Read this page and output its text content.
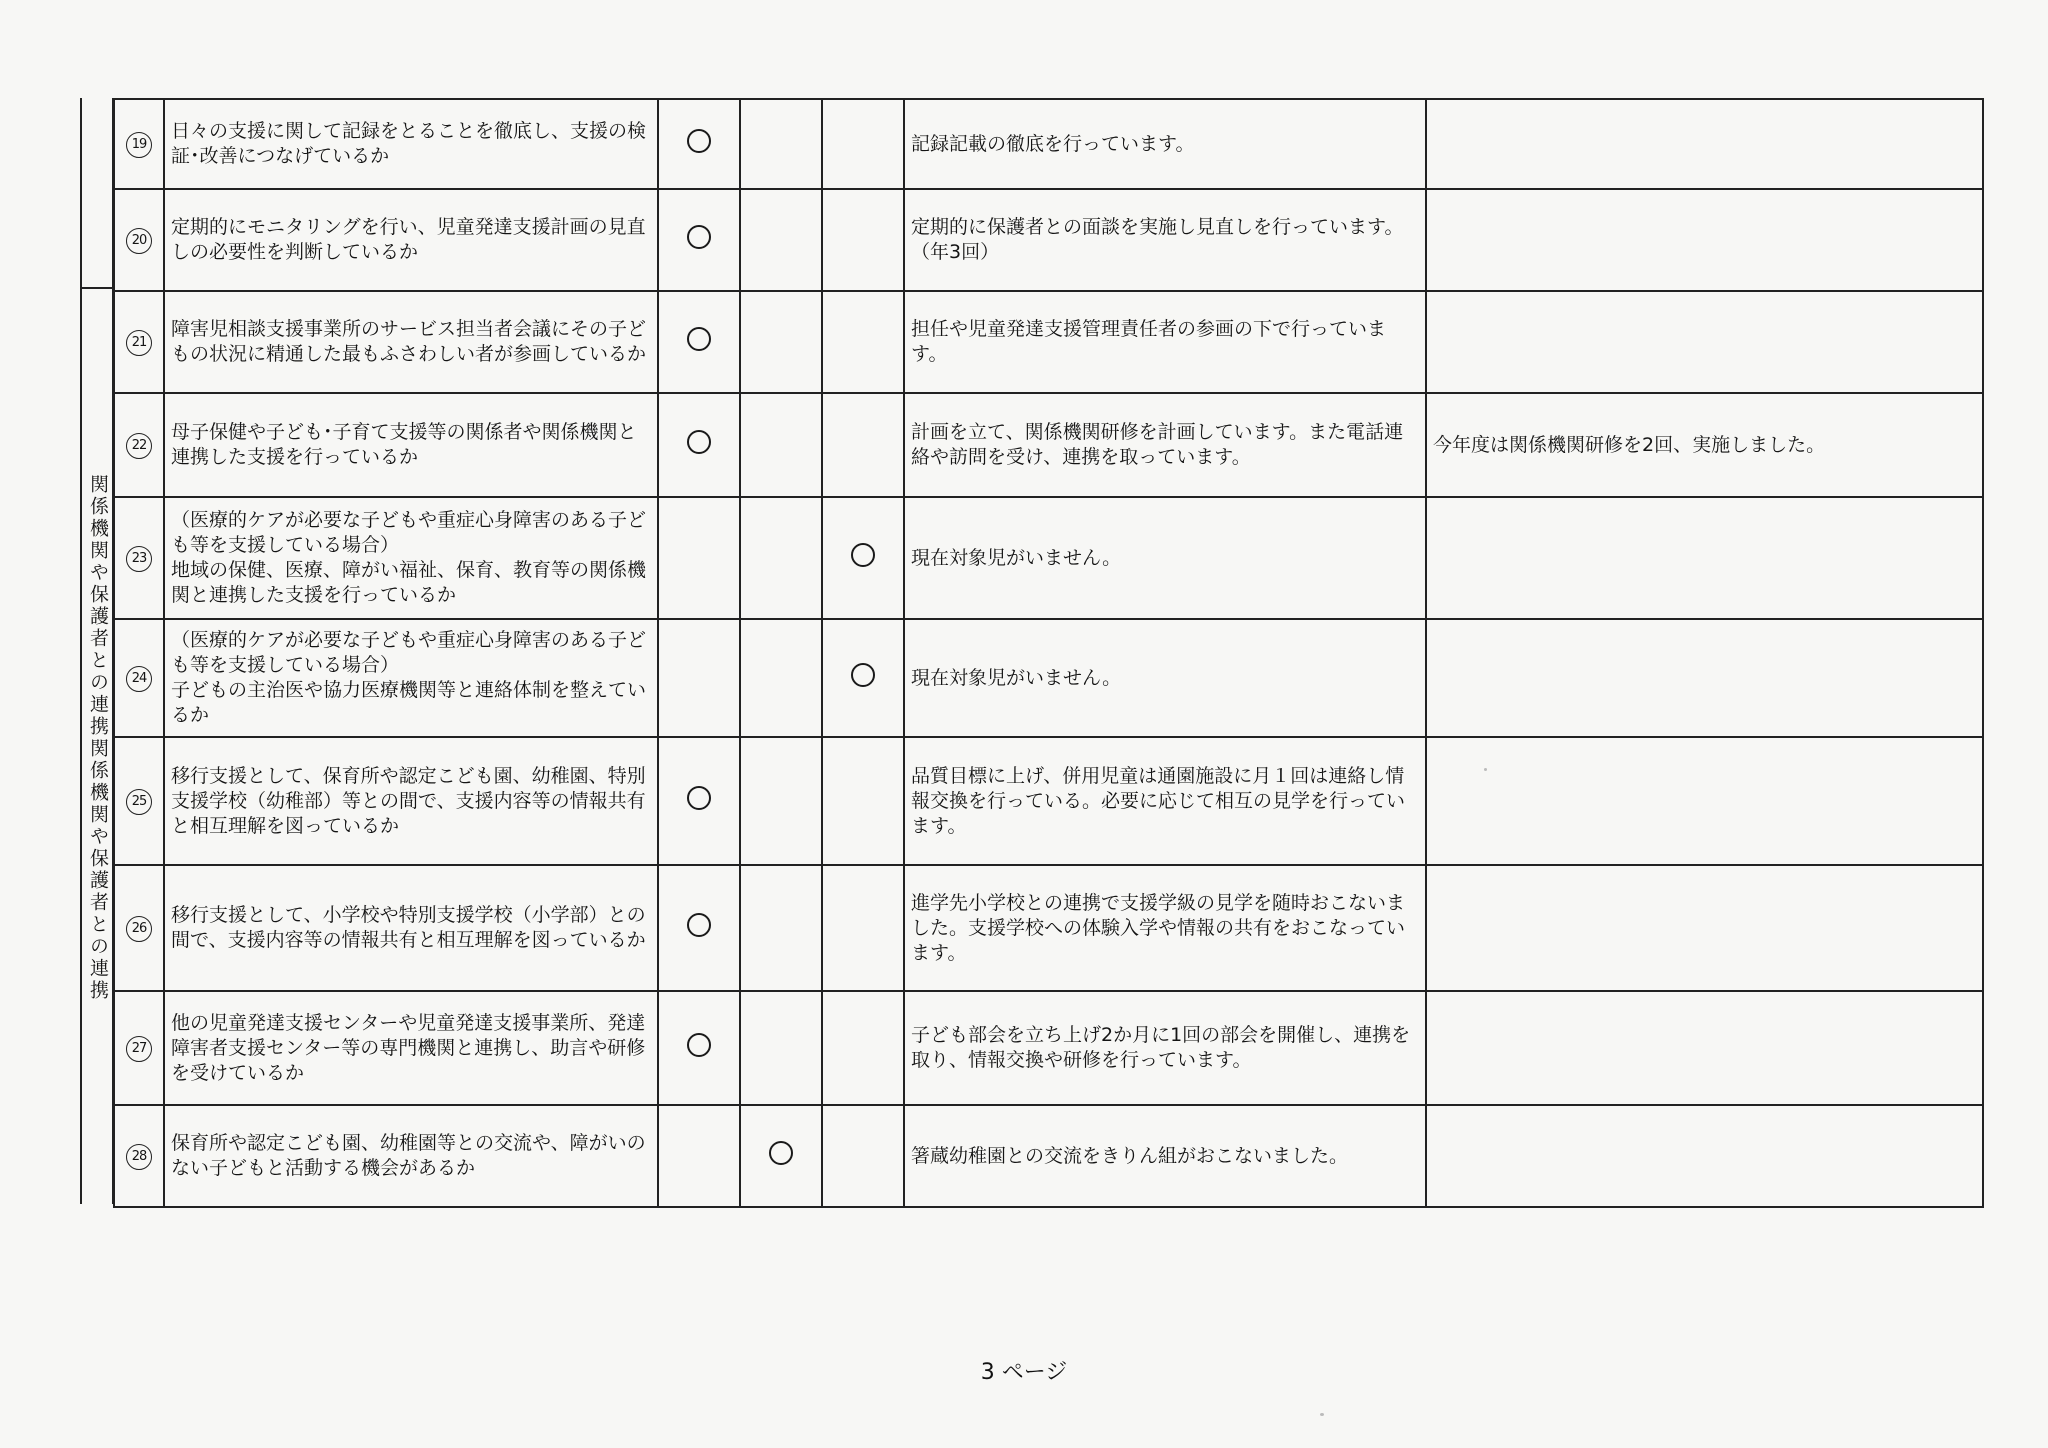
関係機関や保護者との連携関係機関や保護者との連携
19	日々の支援に関して記録をとることを徹底し、支援の検証･改善につなげているか				記録記載の徹底を行っています。	
20	定期的にモニタリングを行い、児童発達支援計画の見直しの必要性を判断しているか				定期的に保護者との面談を実施し見直しを行っています。（年3回）	
21	障害児相談支援事業所のサービス担当者会議にその子どもの状況に精通した最もふさわしい者が参画しているか				担任や児童発達支援管理責任者の参画の下で行っています。	
22	母子保健や子ども･子育て支援等の関係者や関係機関と連携した支援を行っているか				計画を立て、関係機関研修を計画しています。また電話連絡や訪問を受け、連携を取っています。	今年度は関係機関研修を2回、実施しました。
23	（医療的ケアが必要な子どもや重症心身障害のある子ども等を支援している場合）
地域の保健、医療、障がい福祉、保育、教育等の関係機関と連携した支援を行っているか				現在対象児がいません。	
24	（医療的ケアが必要な子どもや重症心身障害のある子ども等を支援している場合）
子どもの主治医や協力医療機関等と連絡体制を整えているか				現在対象児がいません。	
25	移行支援として、保育所や認定こども園、幼稚園、特別支援学校（幼稚部）等との間で、支援内容等の情報共有と相互理解を図っているか				品質目標に上げ、併用児童は通園施設に月１回は連絡し情報交換を行っている。必要に応じて相互の見学を行っています。	
26	移行支援として、小学校や特別支援学校（小学部）との間で、支援内容等の情報共有と相互理解を図っているか				進学先小学校との連携で支援学級の見学を随時おこないました。支援学校への体験入学や情報の共有をおこなっています。	
27	他の児童発達支援センターや児童発達支援事業所、発達障害者支援センター等の専門機関と連携し、助言や研修を受けているか				子ども部会を立ち上げ2か月に1回の部会を開催し、連携を取り、情報交換や研修を行っています。	
28	保育所や認定こども園、幼稚園等との交流や、障がいのない子どもと活動する機会があるか				箸蔵幼稚園との交流をきりん組がおこないました。	
3 ページ
